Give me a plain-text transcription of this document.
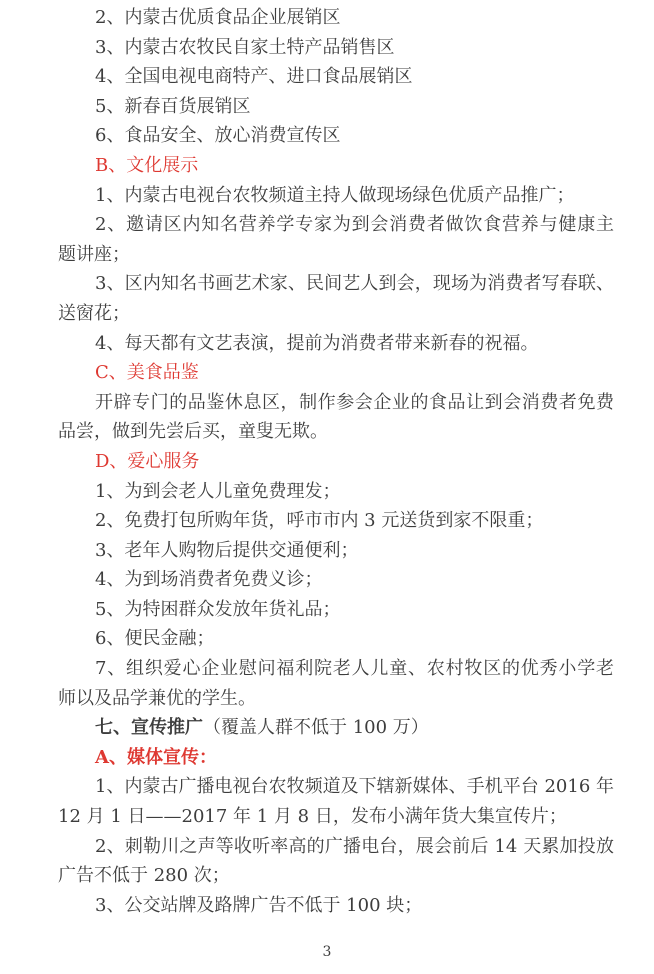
2、内蒙古优质食品企业展销区

3、内蒙古农牧民自家土特产品销售区

4、全国电视电商特产、进口食品展销区

5、新春百货展销区

6、食品安全、放心消费宣传区

B、文化展示

1、内蒙古电视台农牧频道主持人做现场绿色优质产品推广；

2、邀请区内知名营养学专家为到会消费者做饮食营养与健康主

题讲座；

3、区内知名书画艺术家、民间艺人到会，现场为消费者写春联、

送窗花；

4、每天都有文艺表演，提前为消费者带来新春的祝福。

C、美食品鉴

开辟专门的品鉴休息区，制作参会企业的食品让到会消费者免费

品尝，做到先尝后买，童叟无欺。

D、爱心服务

1、为到会老人儿童免费理发；

2、免费打包所购年货，呼市市内 3 元送货到家不限重；

3、老年人购物后提供交通便利；

4、为到场消费者免费义诊；

5、为特困群众发放年货礼品；

6、便民金融；

7、组织爱心企业慰问福利院老人儿童、农村牧区的优秀小学老

师以及品学兼优的学生。

七、宣传推广（覆盖人群不低于 100 万）

A、媒体宣传：

1、内蒙古广播电视台农牧频道及下辖新媒体、手机平台 2016 年

12 月 1 日——2017 年 1 月 8 日，发布小满年货大集宣传片；

2、刺勒川之声等收听率高的广播电台，展会前后 14 天累加投放

广告不低于 280 次；

3、公交站牌及路牌广告不低于 100 块；

3
